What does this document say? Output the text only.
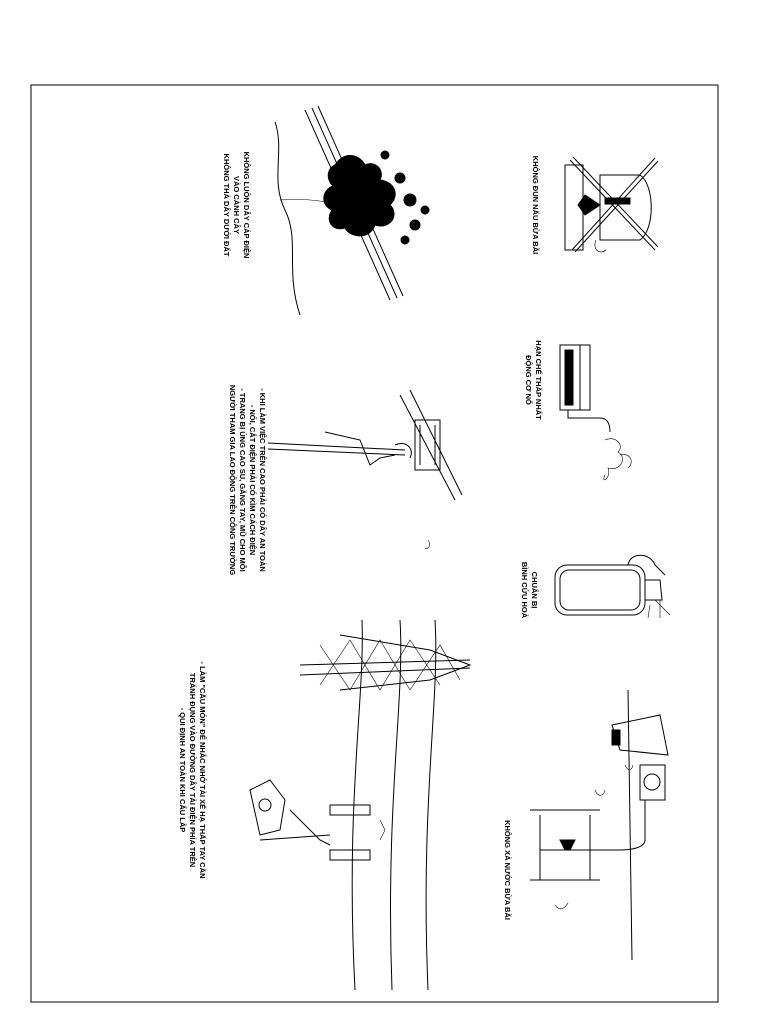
KHÔNG LUỒN DÂY CÁP ĐIỆN
VÀO CÀNH CÂY
KHÔNG THẢ DÂY DƯỚI ĐẤT	KHÔNG ĐUN NẤU BỪA BÃI
HẠN CHẾ THẤP NHẤT
ĐỘNG CƠ NỔ
- KHI LÀM VIỆC TRÊN CAO PHẢI CÓ DÂY AN TOÀN
- NỐI, CẮT ĐIỆN PHẢI CÓ KÌM CÁCH ĐIỆN
- TRANG BỊ ỦNG CAO SU, GĂNG TAY, MŨ CHO MỖI
NGƯỜI THAM GIA LAO ĐỘNG TRÊN CÔNG TRƯỜNG
CHUẨN BỊ
BÌNH CỨU HOẢ
- LÀM "CẦU MÓN" ĐỂ NHẮC NHỞ TÀI XẾ HẠ THẤP TAY CẦN
TRÁNH ĐỤNG VÀO ĐƯỜNG DÂY TẢI ĐIỆN PHÍA TRÊN
- QUI ĐỊNH AN TOÀN KHI CẨU LẮP
KHÔNG XẢ NƯỚC BỪA BÃI
